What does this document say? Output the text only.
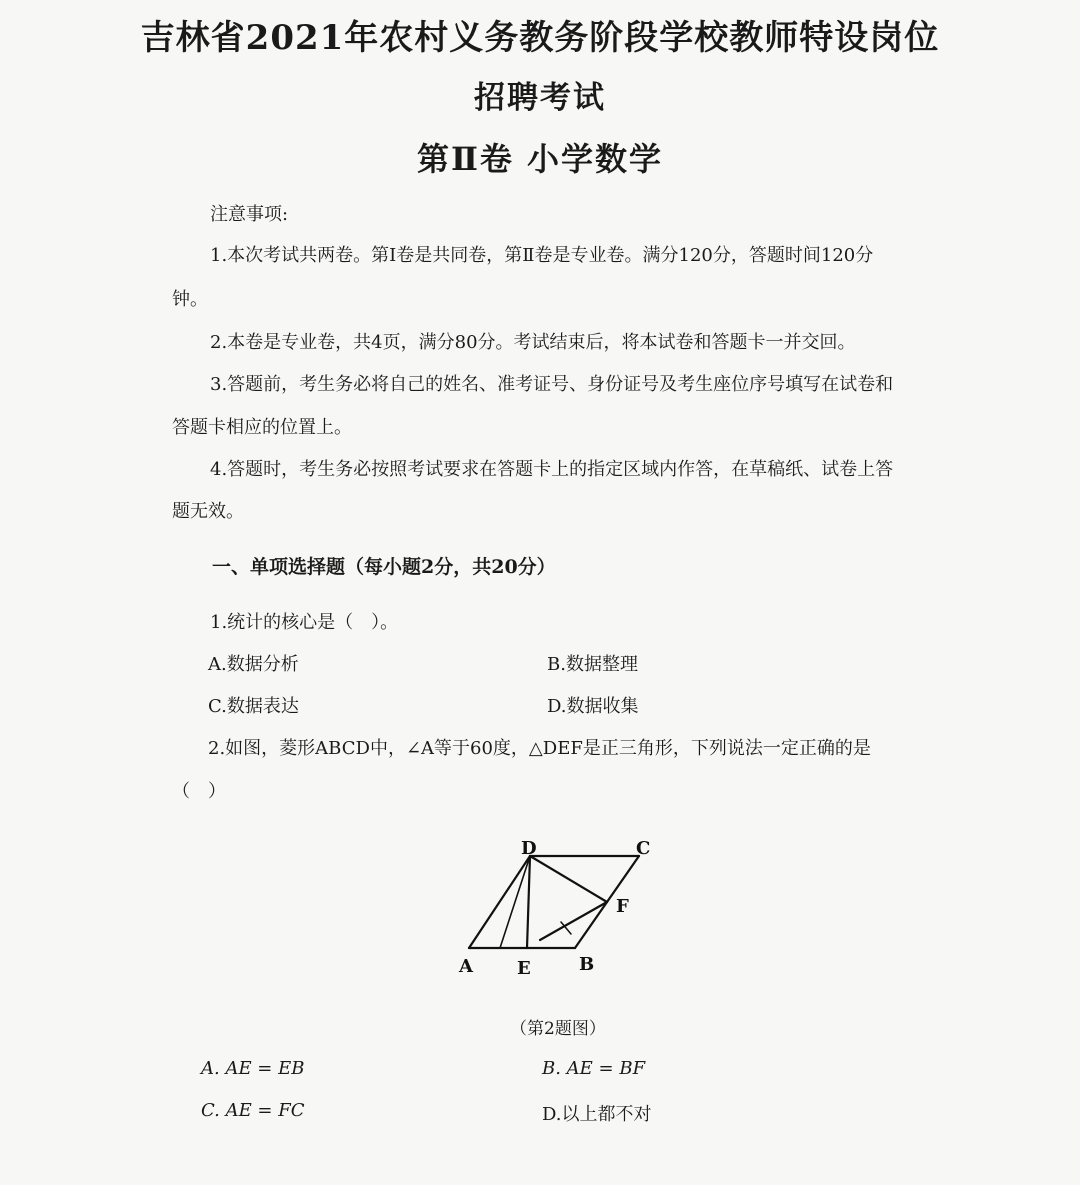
吉林省2021年农村义务教务阶段学校教师特设岗位
招聘考试
第Ⅱ卷 小学数学
注意事项:
1.本次考试共两卷。第Ⅰ卷是共同卷，第Ⅱ卷是专业卷。满分120分，答题时间120分
钟。
2.本卷是专业卷，共4页，满分80分。考试结束后，将本试卷和答题卡一并交回。
3.答题前，考生务必将自己的姓名、准考证号、身份证号及考生座位序号填写在试卷和
答题卡相应的位置上。
4.答题时，考生务必按照考试要求在答题卡上的指定区域内作答，在草稿纸、试卷上答
题无效。
一、单项选择题（每小题2分，共20分）
1.统计的核心是（　）。
A.数据分析	B.数据整理
C.数据表达	D.数据收集
2.如图，菱形ABCD中，∠A等于60度，△DEF是正三角形，下列说法一定正确的是
（　）
A E	B
C
D
F
（第2题图）
A. AE = EB	B. AE = BF
C. AE = FC	D.以上都不对
